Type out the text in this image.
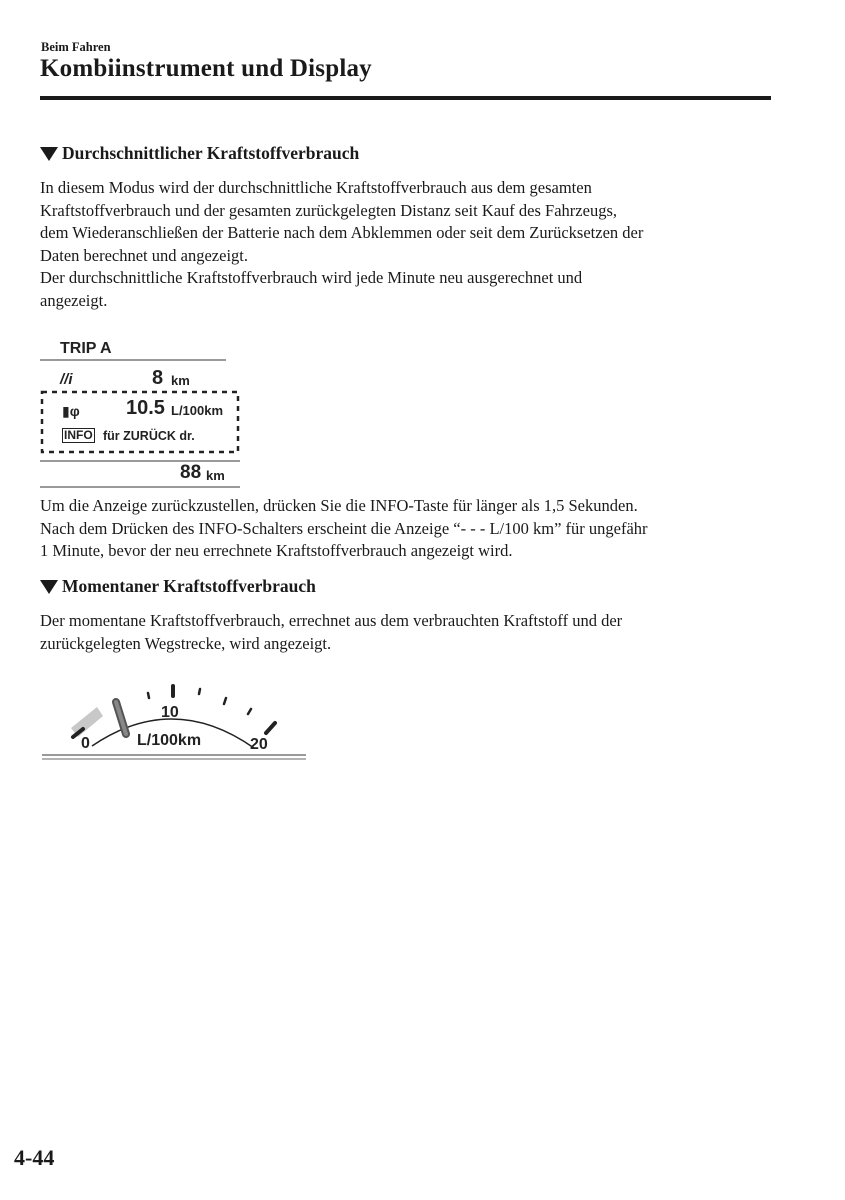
Beim Fahren
Kombiinstrument und Display
Durchschnittlicher Kraftstoffverbrauch
In diesem Modus wird der durchschnittliche Kraftstoffverbrauch aus dem gesamten
Kraftstoffverbrauch und der gesamten zurückgelegten Distanz seit Kauf des Fahrzeugs,
dem Wiederanschließen der Batterie nach dem Abklemmen oder seit dem Zurücksetzen der
Daten berechnet und angezeigt.
Der durchschnittliche Kraftstoffverbrauch wird jede Minute neu ausgerechnet und
angezeigt.
TRIP A
//i	8 km
▮φ 10.5 L/100km
INFO für ZURÜCK dr.
88 km
Um die Anzeige zurückzustellen, drücken Sie die INFO-Taste für länger als 1,5 Sekunden.
Nach dem Drücken des INFO-Schalters erscheint die Anzeige “- - - L/100 km” für ungefähr
1 Minute, bevor der neu errechnete Kraftstoffverbrauch angezeigt wird.
Momentaner Kraftstoffverbrauch
Der momentane Kraftstoffverbrauch, errechnet aus dem verbrauchten Kraftstoff und der
zurückgelegten Wegstrecke, wird angezeigt.
0
10
20
L/100km
4-44
